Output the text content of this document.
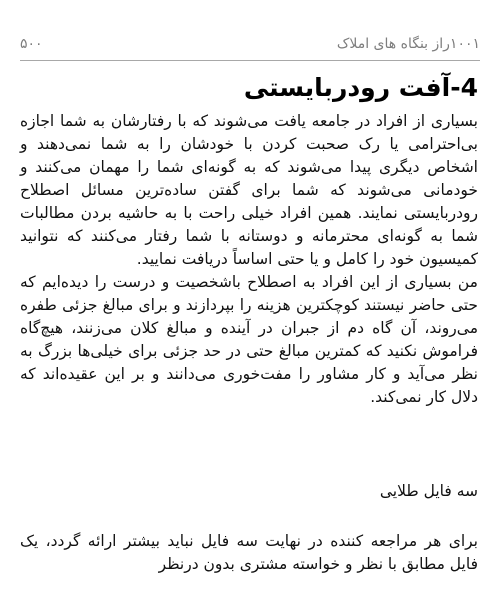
۱۰۰۱راز بنگاه های املاک
۵۰۰
4-آفت رودربایستی

بسیاری از افراد در جامعه یافت می‌شوند که با رفتارشان به شما اجازه بی‌احترامی یا رک صحبت کردن با خودشان را به شما نمی‌دهند و اشخاص دیگری پیدا می‌شوند که به گونه‌ای شما را مهمان می‌کنند و خودمانی می‌شوند که شما برای گفتن ساده‌ترین مسائل اصطلاح رودربایستی نمایند. همین افراد خیلی راحت با به حاشیه بردن مطالبات شما به گونه‌ای محترمانه و دوستانه با شما رفتار می‌کنند که نتوانید کمیسیون خود را کامل و یا حتی اساساً دریافت نمایید.

من بسیاری از این افراد به اصطلاح باشخصیت و درست را دیده‌ایم که حتی حاضر نیستند کوچکترین هزینه را بپردازند و برای مبالغ جزئی طفره می‌روند، آن گاه دم از جبران در آینده و مبالغ کلان می‌زنند، هیچ‌گاه فراموش نکنید که کمترین مبالغ حتی در حد جزئی برای خیلی‌ها بزرگ به نظر می‌آید و کار مشاور را مفت‌خوری می‌دانند و بر این عقیده‌اند که دلال کار نمی‌کند.

سه فایل طلایی

برای هر مراجعه کننده در نهایت سه فایل نباید بیشتر ارائه گردد، یک فایل مطابق با نظر و خواسته مشتری بدون درنظر
